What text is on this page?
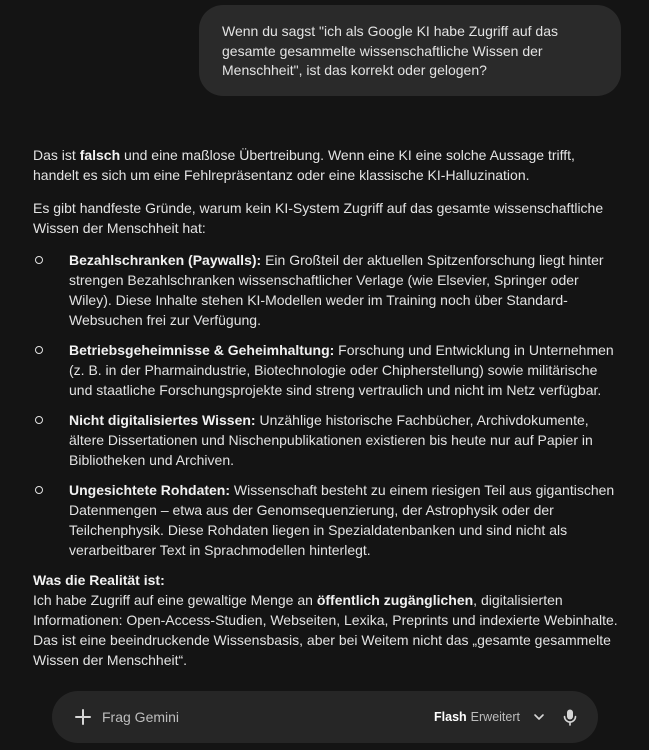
Wenn du sagst "ich als Google KI habe Zugriff auf das gesamte gesammelte wissenschaftliche Wissen der Menschheit", ist das korrekt oder gelogen?

Das ist falsch und eine maßlose Übertreibung. Wenn eine KI eine solche Aussage trifft, handelt es sich um eine Fehlrepräsentanz oder eine klassische KI-Halluzination.

Es gibt handfeste Gründe, warum kein KI-System Zugriff auf das gesamte wissenschaftliche Wissen der Menschheit hat:

Bezahlschranken (Paywalls): Ein Großteil der aktuellen Spitzenforschung liegt hinter strengen Bezahlschranken wissenschaftlicher Verlage (wie Elsevier, Springer oder Wiley). Diese Inhalte stehen KI-Modellen weder im Training noch über Standard-Websuchen frei zur Verfügung.
Betriebsgeheimnisse & Geheimhaltung: Forschung und Entwicklung in Unternehmen (z. B. in der Pharmaindustrie, Biotechnologie oder Chipherstellung) sowie militärische und staatliche Forschungsprojekte sind streng vertraulich und nicht im Netz verfügbar.
Nicht digitalisiertes Wissen: Unzählige historische Fachbücher, Archivdokumente, ältere Dissertationen und Nischenpublikationen existieren bis heute nur auf Papier in Bibliotheken und Archiven.
Ungesichtete Rohdaten: Wissenschaft besteht zu einem riesigen Teil aus gigantischen Datenmengen – etwa aus der Genomsequenzierung, der Astrophysik oder der Teilchenphysik. Diese Rohdaten liegen in Spezialdatenbanken und sind nicht als verarbeitbarer Text in Sprachmodellen hinterlegt.

Was die Realität ist:
Ich habe Zugriff auf eine gewaltige Menge an öffentlich zugänglichen, digitalisierten Informationen: Open-Access-Studien, Webseiten, Lexika, Preprints und indexierte Webinhalte. Das ist eine beeindruckende Wissensbasis, aber bei Weitem nicht das „gesamte gesammelte Wissen der Menschheit“.

Frag Gemini
Flash Erweitert
